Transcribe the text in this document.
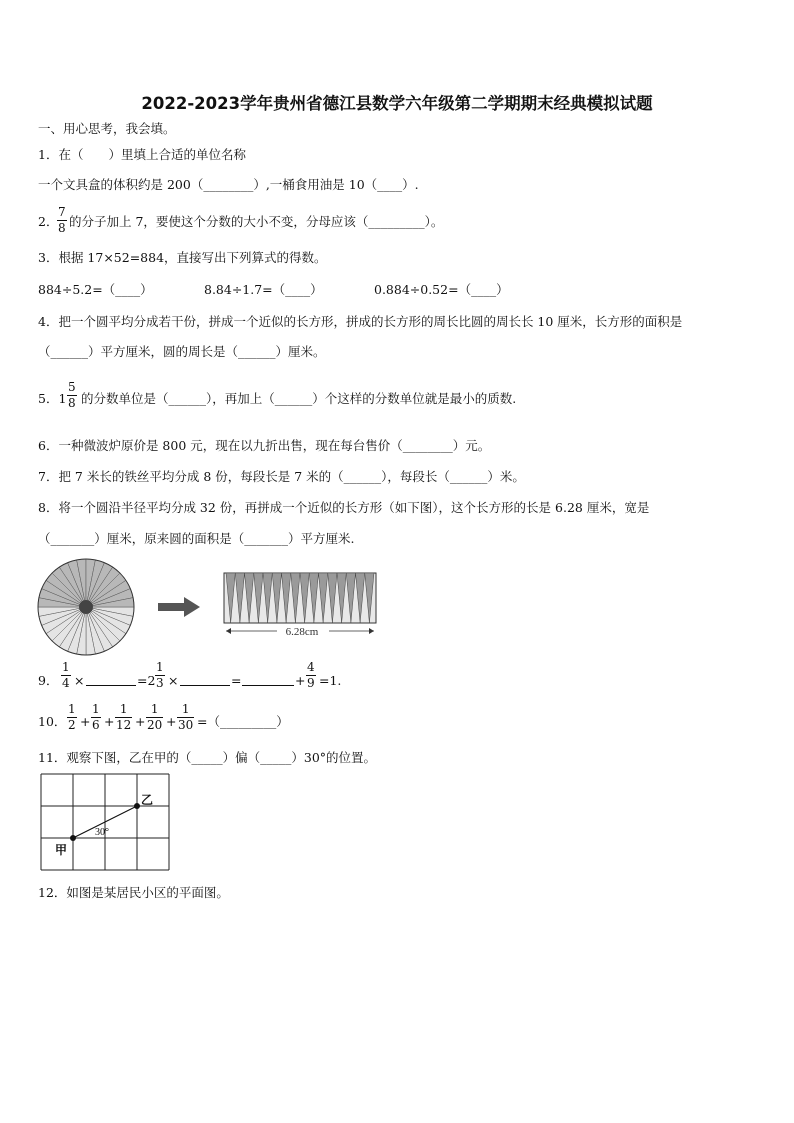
2022-2023学年贵州省德江县数学六年级第二学期期末经典模拟试题
一、用心思考，我会填。
1．在（　　）里填上合适的单位名称
一个文具盒的体积约是 200（________）,一桶食用油是 10（____）.
2．
7
8 的分子加上 7，要使这个分数的大小不变，分母应该（_________）。
3．根据 17×52=884，直接写出下列算式的得数。
884÷5.2=（____）	8.84÷1.7=（____）	0.884÷0.52=（____）
4．把一个圆平均分成若干份，拼成一个近似的长方形，拼成的长方形的周长比圆的周长长 10 厘米，长方形的面积是
（______）平方厘米，圆的周长是（______）厘米。
5．1
5
8 的分数单位是（______），再加上（______）个这样的分数单位就是最小的质数.
6．一种微波炉原价是 800 元，现在以九折出售，现在每台售价（________）元。
7．把 7 米长的铁丝平均分成 8 份，每段长是 7 米的（______），每段长（______）米。
8．将一个圆沿半径平均分成 32 份，再拼成一个近似的长方形（如下图），这个长方形的长是 6.28 厘米，宽是
（_______）厘米，原来圆的面积是（_______）平方厘米.
6.28cm
9．
1
4 ×	=2
1
3 ×	=	+
4
9 =1.
10．
1
2 +
1
6 +
1
12 +
1
20 +
1
30 =（_________）
11．观察下图，乙在甲的（_____）偏（_____）30°的位置。
甲
乙
30°
12．如图是某居民小区的平面图。
